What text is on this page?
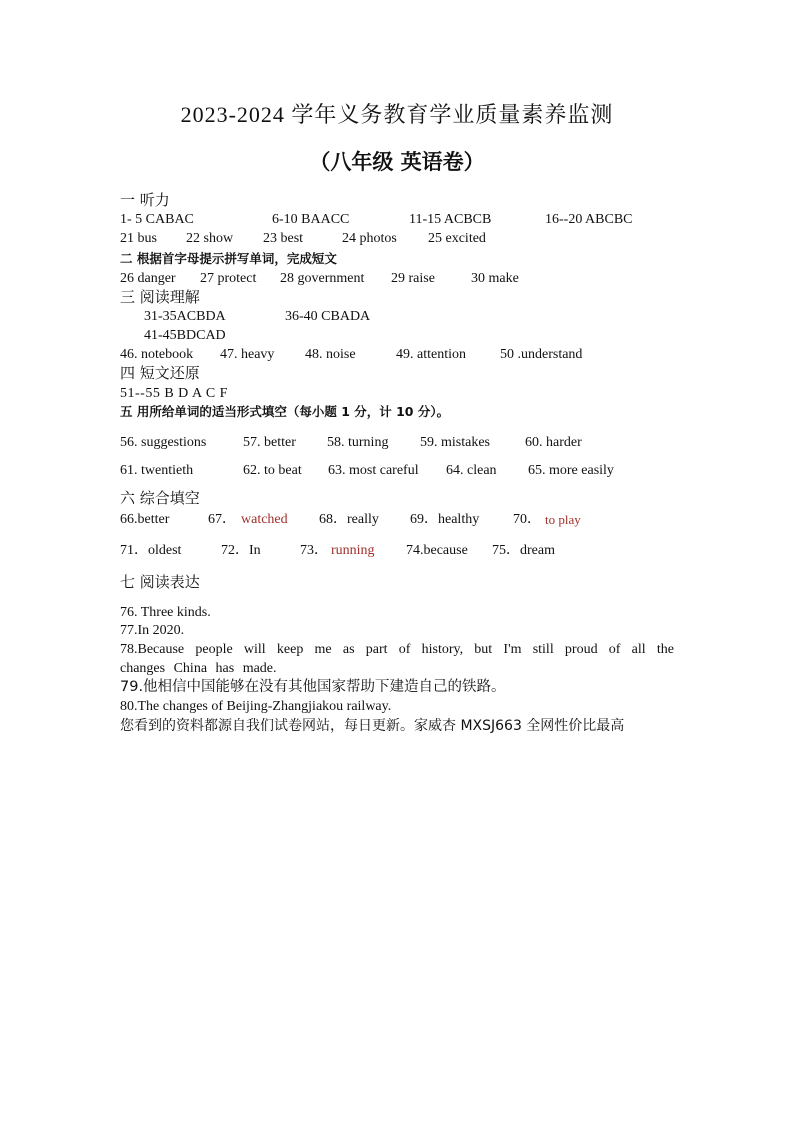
2023-2024 学年义务教育学业质量素养监测
（八年级 英语卷）
一 听力
1- 5 CABAC	6-10 BAACC	11-15 ACBCB	16--20 ABCBC
21 bus 22 show 23 best	24 photos 25 excited
二 根据首字母提示拼写单词，完成短文
26 danger 27 protect 28 government 29 raise	30 make
三 阅读理解
31-35ACBDA	36-40 CBADA
41-45BDCAD
46. notebook 47. heavy 48. noise	49. attention 50 .understand
四 短文还原
51--55 B D A C F
五 用所给单词的适当形式填空（每小题 1 分，计 10 分）。
56. suggestions	57. better 58. turning 59. mistakes	60. harder
61. twentieth	62. to beat 63. most careful 64. clean 65. more easily
六 综合填空
66.better	67． watched 68．really 69．healthy 70． to play
71．oldest	72．In	73． running 74.because 75．dream
七 阅读表达
76. Three kinds.
77.In 2020.
78.Because people will keep me as part of history, but I'm still proud of all the changes China has made.
79.他相信中国能够在没有其他国家帮助下建造自己的铁路。
80.The changes of Beijing-Zhangjiakou railway.
您看到的资料都源自我们试卷网站，每日更新。家威杏 MXSJ663 全网性价比最高
